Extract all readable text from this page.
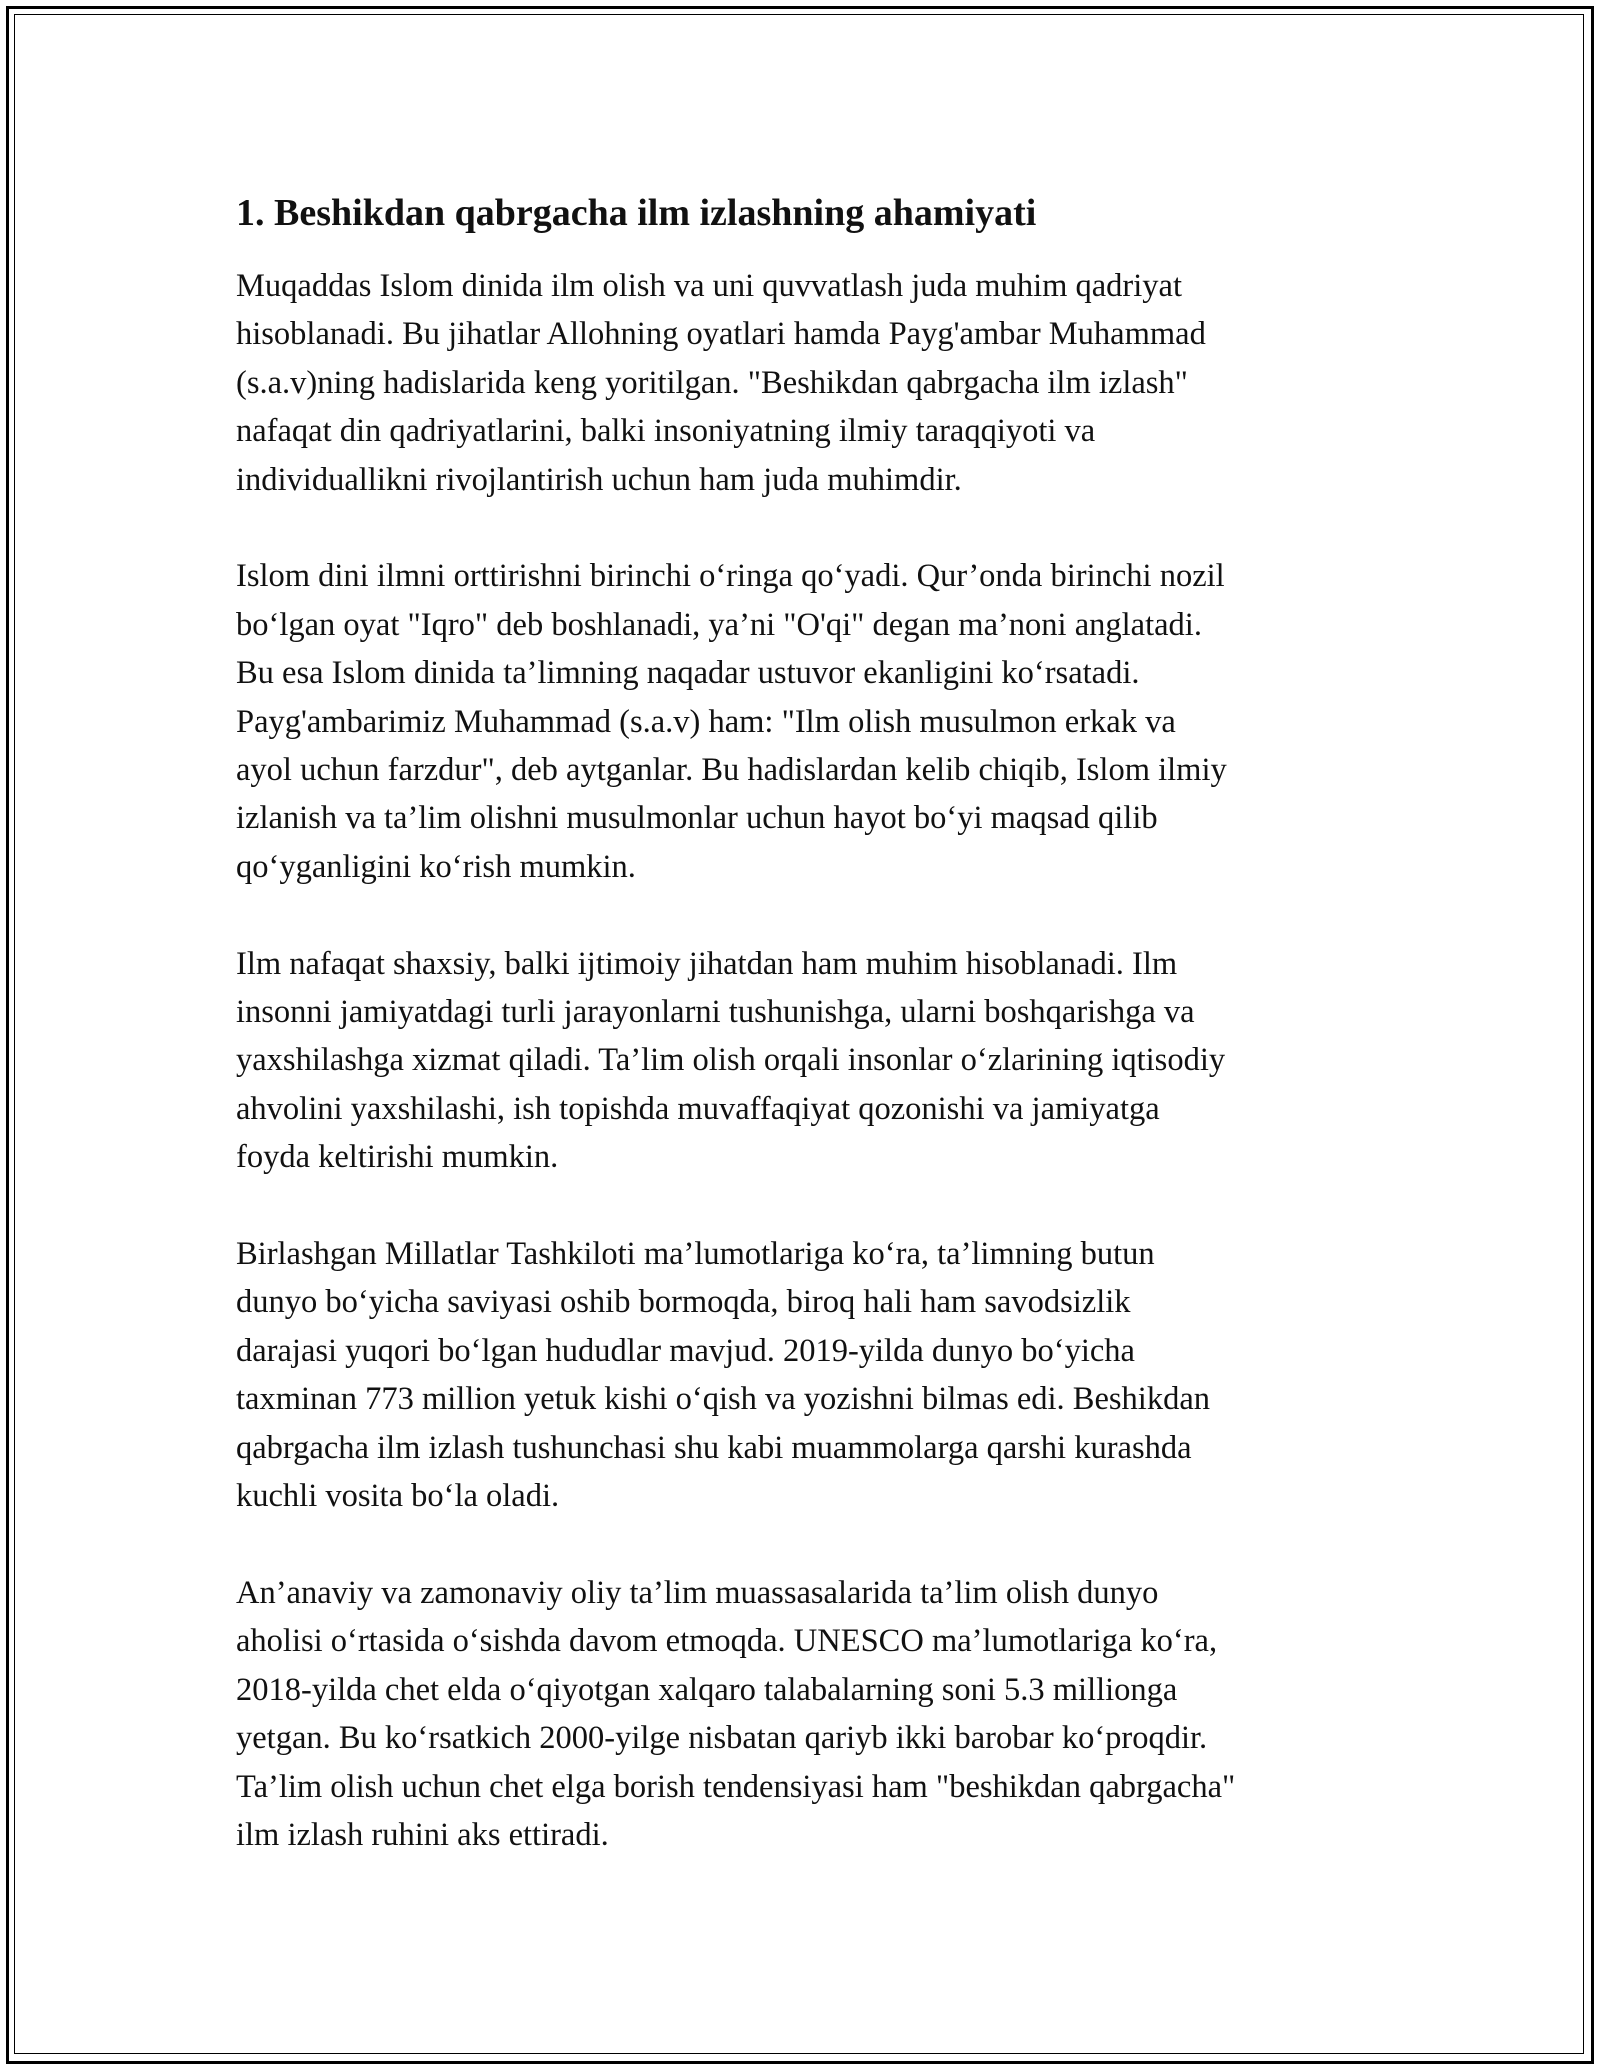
1. Beshikdan qabrgacha ilm izlashning ahamiyati

Muqaddas Islom dinida ilm olish va uni quvvatlash juda muhim qadriyat
hisoblanadi. Bu jihatlar Allohning oyatlari hamda Payg'ambar Muhammad
(s.a.v)ning hadislarida keng yoritilgan. "Beshikdan qabrgacha ilm izlash"
nafaqat din qadriyatlarini, balki insoniyatning ilmiy taraqqiyoti va
individuallikni rivojlantirish uchun ham juda muhimdir.

Islom dini ilmni orttirishni birinchi o‘ringa qo‘yadi. Qur’onda birinchi nozil
bo‘lgan oyat "Iqro" deb boshlanadi, ya’ni "O'qi" degan ma’noni anglatadi.
Bu esa Islom dinida ta’limning naqadar ustuvor ekanligini ko‘rsatadi.
Payg'ambarimiz Muhammad (s.a.v) ham: "Ilm olish musulmon erkak va
ayol uchun farzdur", deb aytganlar. Bu hadislardan kelib chiqib, Islom ilmiy
izlanish va ta’lim olishni musulmonlar uchun hayot bo‘yi maqsad qilib
qo‘yganligini ko‘rish mumkin.

Ilm nafaqat shaxsiy, balki ijtimoiy jihatdan ham muhim hisoblanadi. Ilm
insonni jamiyatdagi turli jarayonlarni tushunishga, ularni boshqarishga va
yaxshilashga xizmat qiladi. Ta’lim olish orqali insonlar o‘zlarining iqtisodiy
ahvolini yaxshilashi, ish topishda muvaffaqiyat qozonishi va jamiyatga
foyda keltirishi mumkin.

Birlashgan Millatlar Tashkiloti ma’lumotlariga ko‘ra, ta’limning butun
dunyo bo‘yicha saviyasi oshib bormoqda, biroq hali ham savodsizlik
darajasi yuqori bo‘lgan hududlar mavjud. 2019-yilda dunyo bo‘yicha
taxminan 773 million yetuk kishi o‘qish va yozishni bilmas edi. Beshikdan
qabrgacha ilm izlash tushunchasi shu kabi muammolarga qarshi kurashda
kuchli vosita bo‘la oladi.

An’anaviy va zamonaviy oliy ta’lim muassasalarida ta’lim olish dunyo
aholisi o‘rtasida o‘sishda davom etmoqda. UNESCO ma’lumotlariga ko‘ra,
2018-yilda chet elda o‘qiyotgan xalqaro talabalarning soni 5.3 millionga
yetgan. Bu ko‘rsatkich 2000-yilge nisbatan qariyb ikki barobar ko‘proqdir.
Ta’lim olish uchun chet elga borish tendensiyasi ham "beshikdan qabrgacha"
ilm izlash ruhini aks ettiradi.
